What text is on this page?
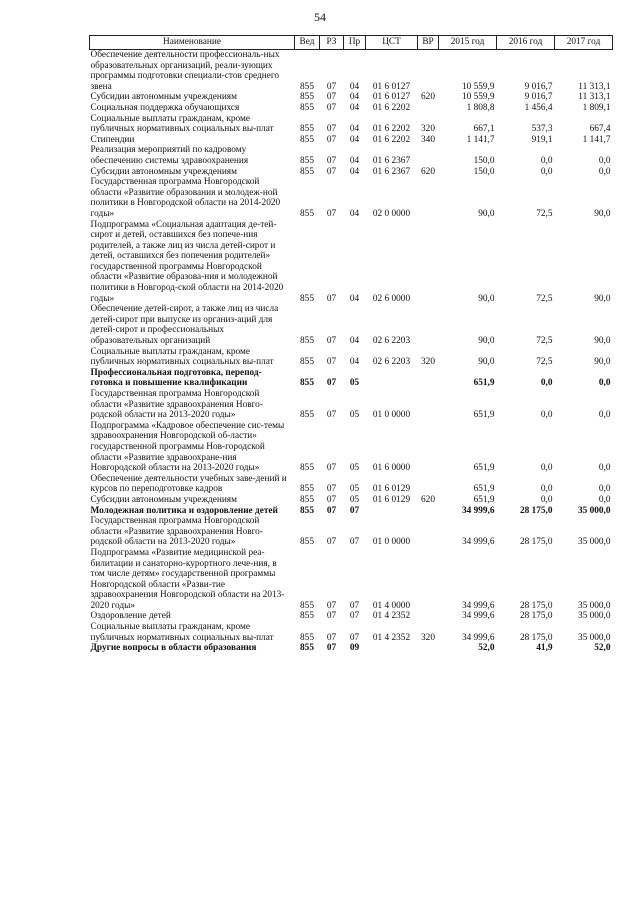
54
Наименование	Вед	РЗ	Пр	ЦСТ	ВР	2015 год	2016 год	2017 год
Обеспечение деятельности профессиональ-ных образовательных организаций, реали-зующих программы подготовки специали-стов среднего звена	855	07	04	01 6 0127		10 559,9	9 016,7	11 313,1
Субсидии автономным учреждениям	855	07	04	01 6 0127	620	10 559,9	9 016,7	11 313,1
Социальная поддержка обучающихся	855	07	04	01 6 2202		1 808,8	1 456,4	1 809,1
Социальные выплаты гражданам, кроме публичных нормативных социальных вы-плат	855	07	04	01 6 2202	320	667,1	537,3	667,4
Стипендии	855	07	04	01 6 2202	340	1 141,7	919,1	1 141,7
Реализация мероприятий по кадровому обеспечению системы здравоохранения	855	07	04	01 6 2367		150,0	0,0	0,0
Субсидии автономным учреждениям	855	07	04	01 6 2367	620	150,0	0,0	0,0
Государственная программа Новгородской области «Развитие образования и молодеж-ной политики в Новгородской области на 2014-2020 годы»	855	07	04	02 0 0000		90,0	72,5	90,0
Подпрограмма «Социальная адаптация де-тей-сирот и детей, оставшихся без попече-ния родителей, а также лиц из числа детей-сирот и детей, оставшихся без попечения родителей» государственной программы Новгородской области «Развитие образова-ния и молодежной политики в Новгород-ской области на 2014-2020 годы»	855	07	04	02 6 0000		90,0	72,5	90,0
Обеспечение детей-сирот, а также лиц из числа детей-сирот при выпуске из организ-аций для детей-сирот и профессиональных образовательных организаций	855	07	04	02 6 2203		90,0	72,5	90,0
Социальные выплаты гражданам, кроме публичных нормативных социальных вы-плат	855	07	04	02 6 2203	320	90,0	72,5	90,0
Профессиональная подготовка, перепод-готовка и повышение квалификации	855	07	05			651,9	0,0	0,0
Государственная программа Новгородской области «Развитие здравоохранения Новго-родской области на 2013-2020 годы»	855	07	05	01 0 0000		651,9	0,0	0,0
Подпрограмма «Кадровое обеспечение сис-темы здравоохранения Новгородской об-ласти» государственной программы Нов-городской области «Развитие здравоохране-ния Новгородской области на 2013-2020 годы»	855	07	05	01 6 0000		651,9	0,0	0,0
Обеспечение деятельности учебных заве-дений и курсов по переподготовке кадров	855	07	05	01 6 0129		651,9	0,0	0,0
Субсидии автономным учреждениям	855	07	05	01 6 0129	620	651,9	0,0	0,0
Молодежная политика и оздоровление детей	855	07	07			34 999,6	28 175,0	35 000,0
Государственная программа Новгородской области «Развитие здравоохранения Новго-родской области на 2013-2020 годы»	855	07	07	01 0 0000		34 999,6	28 175,0	35 000,0
Подпрограмма «Развитие медицинской реа-билитации и санаторно-курортного лече-ния, в том числе детям» государственной программы Новгородской области «Разви-тие здравоохранения Новгородской области на 2013-2020 годы»	855	07	07	01 4 0000		34 999,6	28 175,0	35 000,0
Оздоровление детей	855	07	07	01 4 2352		34 999,6	28 175,0	35 000,0
Социальные выплаты гражданам, кроме публичных нормативных социальных вы-плат	855	07	07	01 4 2352	320	34 999,6	28 175,0	35 000,0
Другие вопросы в области образования	855	07	09			52,0	41,9	52,0
